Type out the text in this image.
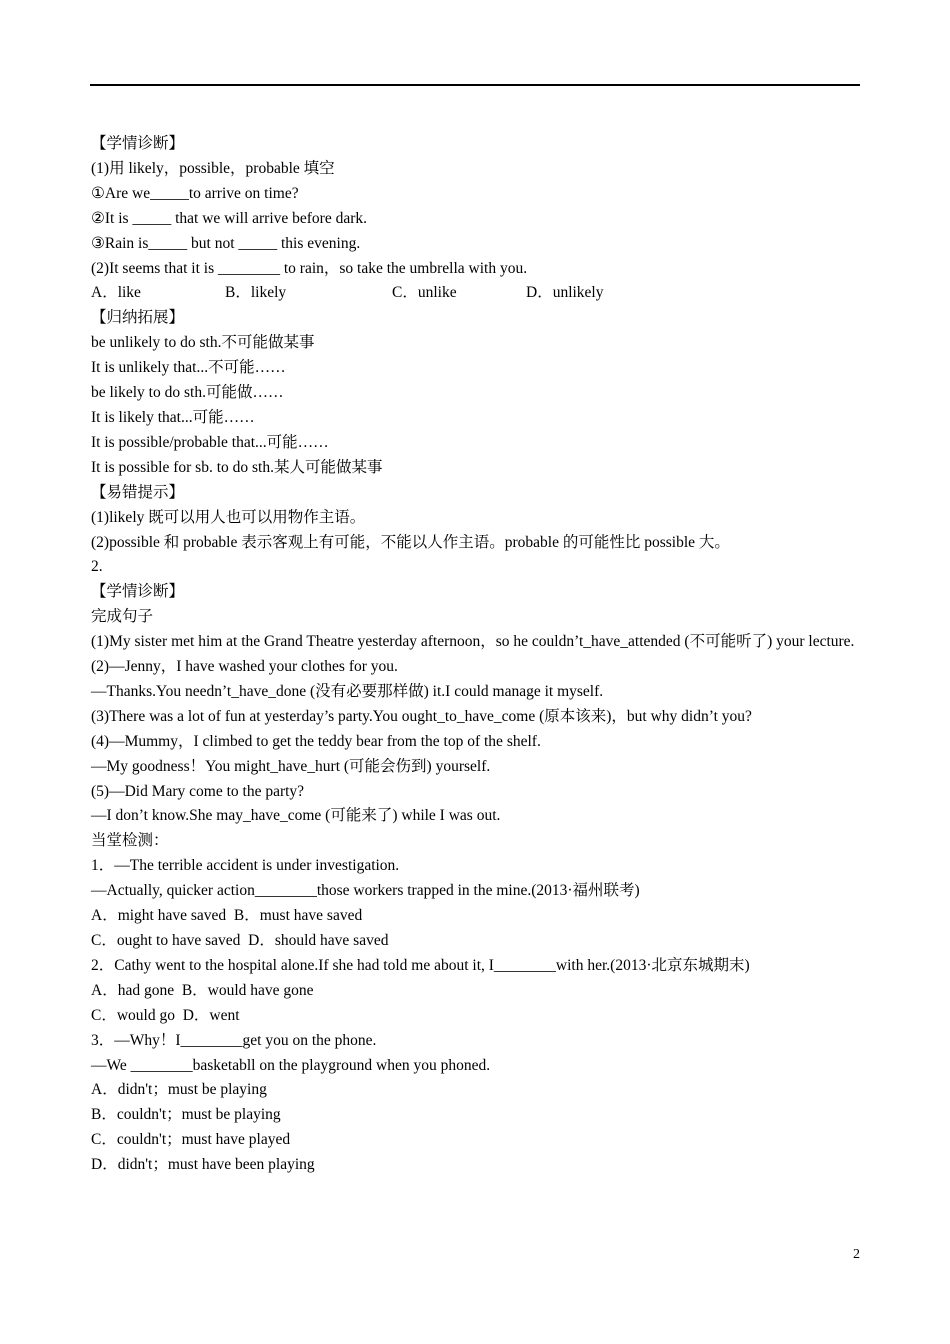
【学情诊断】
(1)用 likely，possible，probable 填空
①Are we_____to arrive on time?
②It is _____ that we will arrive before dark.
③Rain is_____ but not _____ this evening.
(2)It seems that it is ________ to rain，so take the umbrella with you.
A．like	B．likely	C．unlike	D．unlikely
【归纳拓展】
be unlikely to do sth.不可能做某事
It is unlikely that...不可能……
be likely to do sth.可能做……
It is likely that...可能……
It is possible/probable that...可能……
It is possible for sb. to do sth.某人可能做某事
【易错提示】
(1)likely 既可以用人也可以用物作主语。
(2)possible 和 probable 表示客观上有可能，不能以人作主语。probable 的可能性比 possible 大。
2.
【学情诊断】
完成句子
(1)My sister met him at the Grand Theatre yesterday afternoon，so he couldn’t_have_attended (不可能听了) your lecture.
(2)—Jenny，I have washed your clothes for you.
—Thanks.You needn’t_have_done (没有必要那样做) it.I could manage it myself.
(3)There was a lot of fun at yesterday’s party.You ought_to_have_come (原本该来)，but why didn’t you?
(4)—Mummy，I climbed to get the teddy bear from the top of the shelf.
—My goodness！You might_have_hurt (可能会伤到) yourself.
(5)—Did Mary come to the party?
—I don’t know.She may_have_come (可能来了) while I was out.
当堂检测：
1．—The terrible accident is under investigation.
—Actually, quicker action________those workers trapped in the mine.(2013·福州联考)
A．might have saved  B．must have saved
C．ought to have saved  D．should have saved
2．Cathy went to the hospital alone.If she had told me about it, I________with her.(2013·北京东城期末)
A．had gone  B．would have gone
C．would go  D．went
3．—Why！I________get you on the phone.
—We ________basketabll on the playground when you phoned.
A．didn't；must be playing
B．couldn't；must be playing
C．couldn't；must have played
D．didn't；must have been playing
2
